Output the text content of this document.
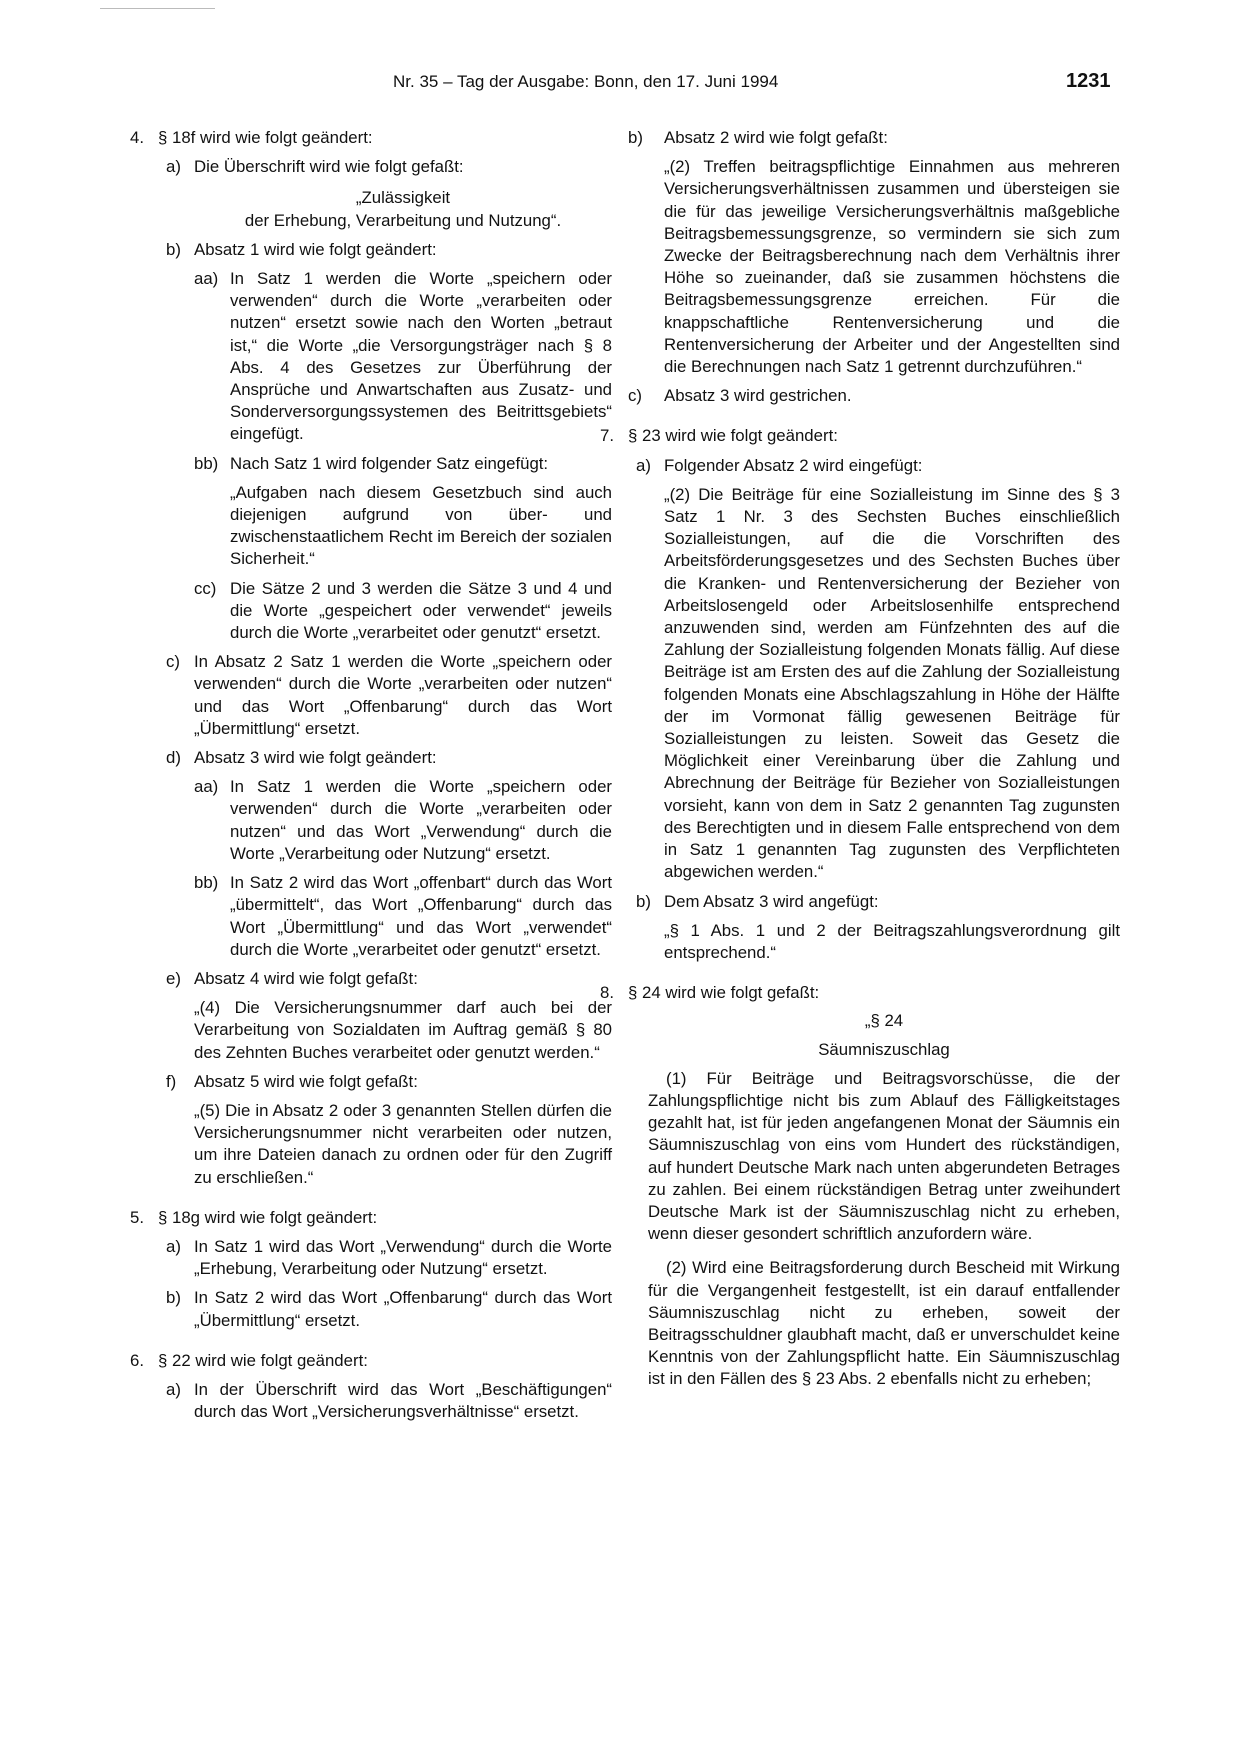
Nr. 35 – Tag der Ausgabe: Bonn, den 17. Juni 1994	1231
4. § 18f wird wie folgt geändert:

a) Die Überschrift wird wie folgt gefaßt:

„Zulässigkeit

der Erhebung, Verarbeitung und Nutzung“.

b) Absatz 1 wird wie folgt geändert:

aa) In Satz 1 werden die Worte „speichern oder verwenden“ durch die Worte „verarbeiten oder nutzen“ ersetzt sowie nach den Worten „betraut ist,“ die Worte „die Versorgungsträger nach § 8 Abs. 4 des Gesetzes zur Überführung der Ansprüche und Anwartschaften aus Zusatz- und Sonderversorgungssystemen des Beitrittsgebiets“ eingefügt.

bb) Nach Satz 1 wird folgender Satz eingefügt:

„Aufgaben nach diesem Gesetzbuch sind auch diejenigen aufgrund von über- und zwischenstaatlichem Recht im Bereich der sozialen Sicherheit.“

cc) Die Sätze 2 und 3 werden die Sätze 3 und 4 und die Worte „gespeichert oder verwendet“ jeweils durch die Worte „verarbeitet oder genutzt“ ersetzt.

c) In Absatz 2 Satz 1 werden die Worte „speichern oder verwenden“ durch die Worte „verarbeiten oder nutzen“ und das Wort „Offenbarung“ durch das Wort „Übermittlung“ ersetzt.

d) Absatz 3 wird wie folgt geändert:

aa) In Satz 1 werden die Worte „speichern oder verwenden“ durch die Worte „verarbeiten oder nutzen“ und das Wort „Verwendung“ durch die Worte „Verarbeitung oder Nutzung“ ersetzt.

bb) In Satz 2 wird das Wort „offenbart“ durch das Wort „übermittelt“, das Wort „Offenbarung“ durch das Wort „Übermittlung“ und das Wort „verwendet“ durch die Worte „verarbeitet oder genutzt“ ersetzt.

e) Absatz 4 wird wie folgt gefaßt:

„(4) Die Versicherungsnummer darf auch bei der Verarbeitung von Sozialdaten im Auftrag gemäß § 80 des Zehnten Buches verarbeitet oder genutzt werden.“

f) Absatz 5 wird wie folgt gefaßt:

„(5) Die in Absatz 2 oder 3 genannten Stellen dürfen die Versicherungsnummer nicht verarbeiten oder nutzen, um ihre Dateien danach zu ordnen oder für den Zugriff zu erschließen.“

5. § 18g wird wie folgt geändert:

a) In Satz 1 wird das Wort „Verwendung“ durch die Worte „Erhebung, Verarbeitung oder Nutzung“ ersetzt.

b) In Satz 2 wird das Wort „Offenbarung“ durch das Wort „Übermittlung“ ersetzt.

6. § 22 wird wie folgt geändert:

a) In der Überschrift wird das Wort „Beschäftigungen“ durch das Wort „Versicherungsverhältnisse“ ersetzt.

b) Absatz 2 wird wie folgt gefaßt:

„(2) Treffen beitragspflichtige Einnahmen aus mehreren Versicherungsverhältnissen zusammen und übersteigen sie die für das jeweilige Versicherungsverhältnis maßgebliche Beitragsbemessungsgrenze, so vermindern sie sich zum Zwecke der Beitragsberechnung nach dem Verhältnis ihrer Höhe so zueinander, daß sie zusammen höchstens die Beitragsbemessungsgrenze erreichen. Für die knappschaftliche Rentenversicherung und die Rentenversicherung der Arbeiter und der Angestellten sind die Berechnungen nach Satz 1 getrennt durchzuführen.“

c) Absatz 3 wird gestrichen.

7. § 23 wird wie folgt geändert:

a) Folgender Absatz 2 wird eingefügt:

„(2) Die Beiträge für eine Sozialleistung im Sinne des § 3 Satz 1 Nr. 3 des Sechsten Buches einschließlich Sozialleistungen, auf die die Vorschriften des Arbeitsförderungsgesetzes und des Sechsten Buches über die Kranken- und Rentenversicherung der Bezieher von Arbeitslosengeld oder Arbeitslosenhilfe entsprechend anzuwenden sind, werden am Fünfzehnten des auf die Zahlung der Sozialleistung folgenden Monats fällig. Auf diese Beiträge ist am Ersten des auf die Zahlung der Sozialleistung folgenden Monats eine Abschlagszahlung in Höhe der Hälfte der im Vormonat fällig gewesenen Beiträge für Sozialleistungen zu leisten. Soweit das Gesetz die Möglichkeit einer Vereinbarung über die Zahlung und Abrechnung der Beiträge für Bezieher von Sozialleistungen vorsieht, kann von dem in Satz 2 genannten Tag zugunsten des Berechtigten und in diesem Falle entsprechend von dem in Satz 1 genannten Tag zugunsten des Verpflichteten abgewichen werden.“

b) Dem Absatz 3 wird angefügt:

„§ 1 Abs. 1 und 2 der Beitragszahlungsverordnung gilt entsprechend.“

8. § 24 wird wie folgt gefaßt:

„§ 24

Säumniszuschlag

(1) Für Beiträge und Beitragsvorschüsse, die der Zahlungspflichtige nicht bis zum Ablauf des Fälligkeitstages gezahlt hat, ist für jeden angefangenen Monat der Säumnis ein Säumniszuschlag von eins vom Hundert des rückständigen, auf hundert Deutsche Mark nach unten abgerundeten Betrages zu zahlen. Bei einem rückständigen Betrag unter zweihundert Deutsche Mark ist der Säumniszuschlag nicht zu erheben, wenn dieser gesondert schriftlich anzufordern wäre.

(2) Wird eine Beitragsforderung durch Bescheid mit Wirkung für die Vergangenheit festgestellt, ist ein darauf entfallender Säumniszuschlag nicht zu erheben, soweit der Beitragsschuldner glaubhaft macht, daß er unverschuldet keine Kenntnis von der Zahlungspflicht hatte. Ein Säumniszuschlag ist in den Fällen des § 23 Abs. 2 ebenfalls nicht zu erheben;
